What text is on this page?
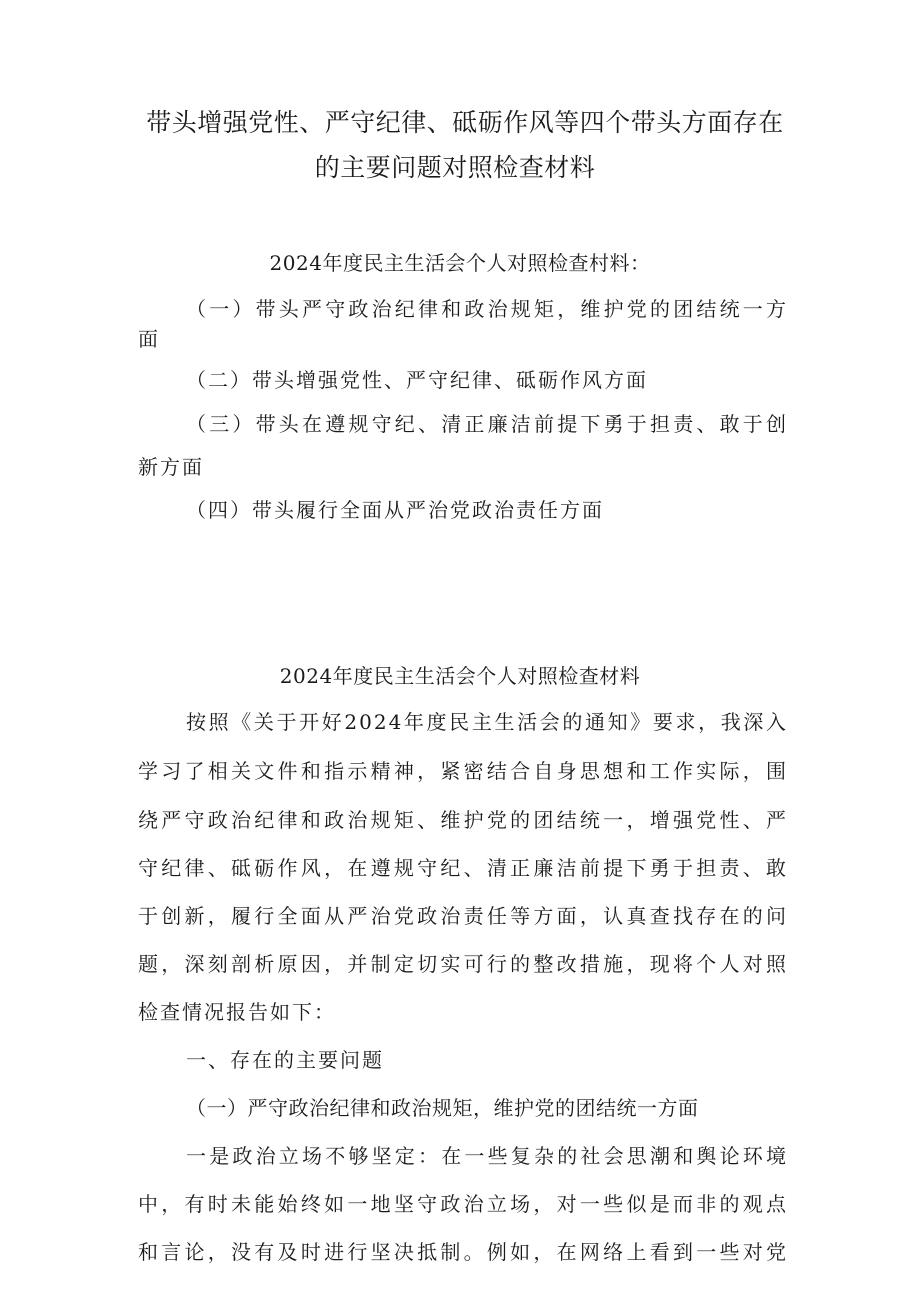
带头增强党性、严守纪律、砥砺作风等四个带头方面存在
的主要问题对照检查材料
2024年度民主生活会个人对照检查村料：
（一）带头严守政治纪律和政治规矩，维护党的团结统一方
面
（二）带头增强党性、严守纪律、砥砺作风方面
（三）带头在遵规守纪、清正廉洁前提下勇于担责、敢于创
新方面
（四）带头履行全面从严治党政治责任方面
2024年度民主生活会个人对照检查材料
按照《关于开好2024年度民主生活会的通知》要求，我深入
学习了相关文件和指示精神，紧密结合自身思想和工作实际，围
绕严守政治纪律和政治规矩、维护党的团结统一，增强党性、严
守纪律、砥砺作风，在遵规守纪、清正廉洁前提下勇于担责、敢
于创新，履行全面从严治党政治责任等方面，认真查找存在的问
题，深刻剖析原因，并制定切实可行的整改措施，现将个人对照
检查情况报告如下：
一、存在的主要问题
（一）严守政治纪律和政治规矩，维护党的团结统一方面
一是政治立场不够坚定：在一些复杂的社会思潮和舆论环境
中，有时未能始终如一地坚守政治立场，对一些似是而非的观点
和言论，没有及时进行坚决抵制。例如，在网络上看到一些对党
